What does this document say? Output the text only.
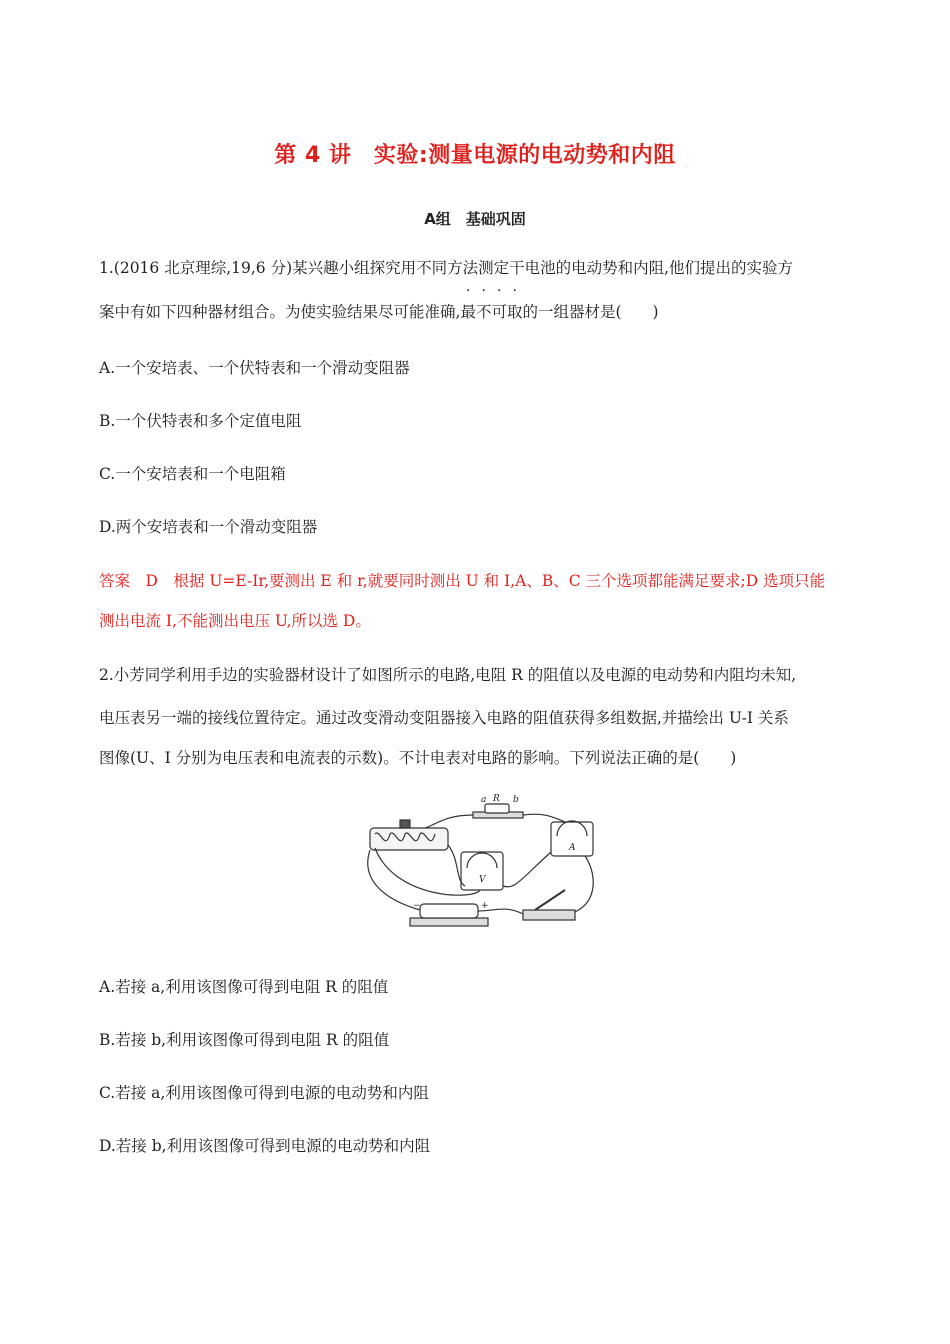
第 4 讲　实验:测量电源的电动势和内阻
A组　基础巩固
1.(2016 北京理综,19,6 分)某兴趣小组探究用不同方法测定干电池的电动势和内阻,他们提出的实验方
案中有如下四种器材组合。为使实验结果尽可能准确,最不可取的一组器材是(　　)
A.一个安培表、一个伏特表和一个滑动变阻器
B.一个伏特表和多个定值电阻
C.一个安培表和一个电阻箱
D.两个安培表和一个滑动变阻器
答案　D　根据 U=E-Ir,要测出 E 和 r,就要同时测出 U 和 I,A、B、C 三个选项都能满足要求;D 选项只能
测出电流 I,不能测出电压 U,所以选 D。
2.小芳同学利用手边的实验器材设计了如图所示的电路,电阻 R 的阻值以及电源的电动势和内阻均未知,
电压表另一端的接线位置待定。通过改变滑动变阻器接入电路的阻值获得多组数据,并描绘出 U-I 关系
图像(U、I 分别为电压表和电流表的示数)。不计电表对电路的影响。下列说法正确的是(　　)
a R b
A
V
−	+
A.若接 a,利用该图像可得到电阻 R 的阻值
B.若接 b,利用该图像可得到电阻 R 的阻值
C.若接 a,利用该图像可得到电源的电动势和内阻
D.若接 b,利用该图像可得到电源的电动势和内阻
